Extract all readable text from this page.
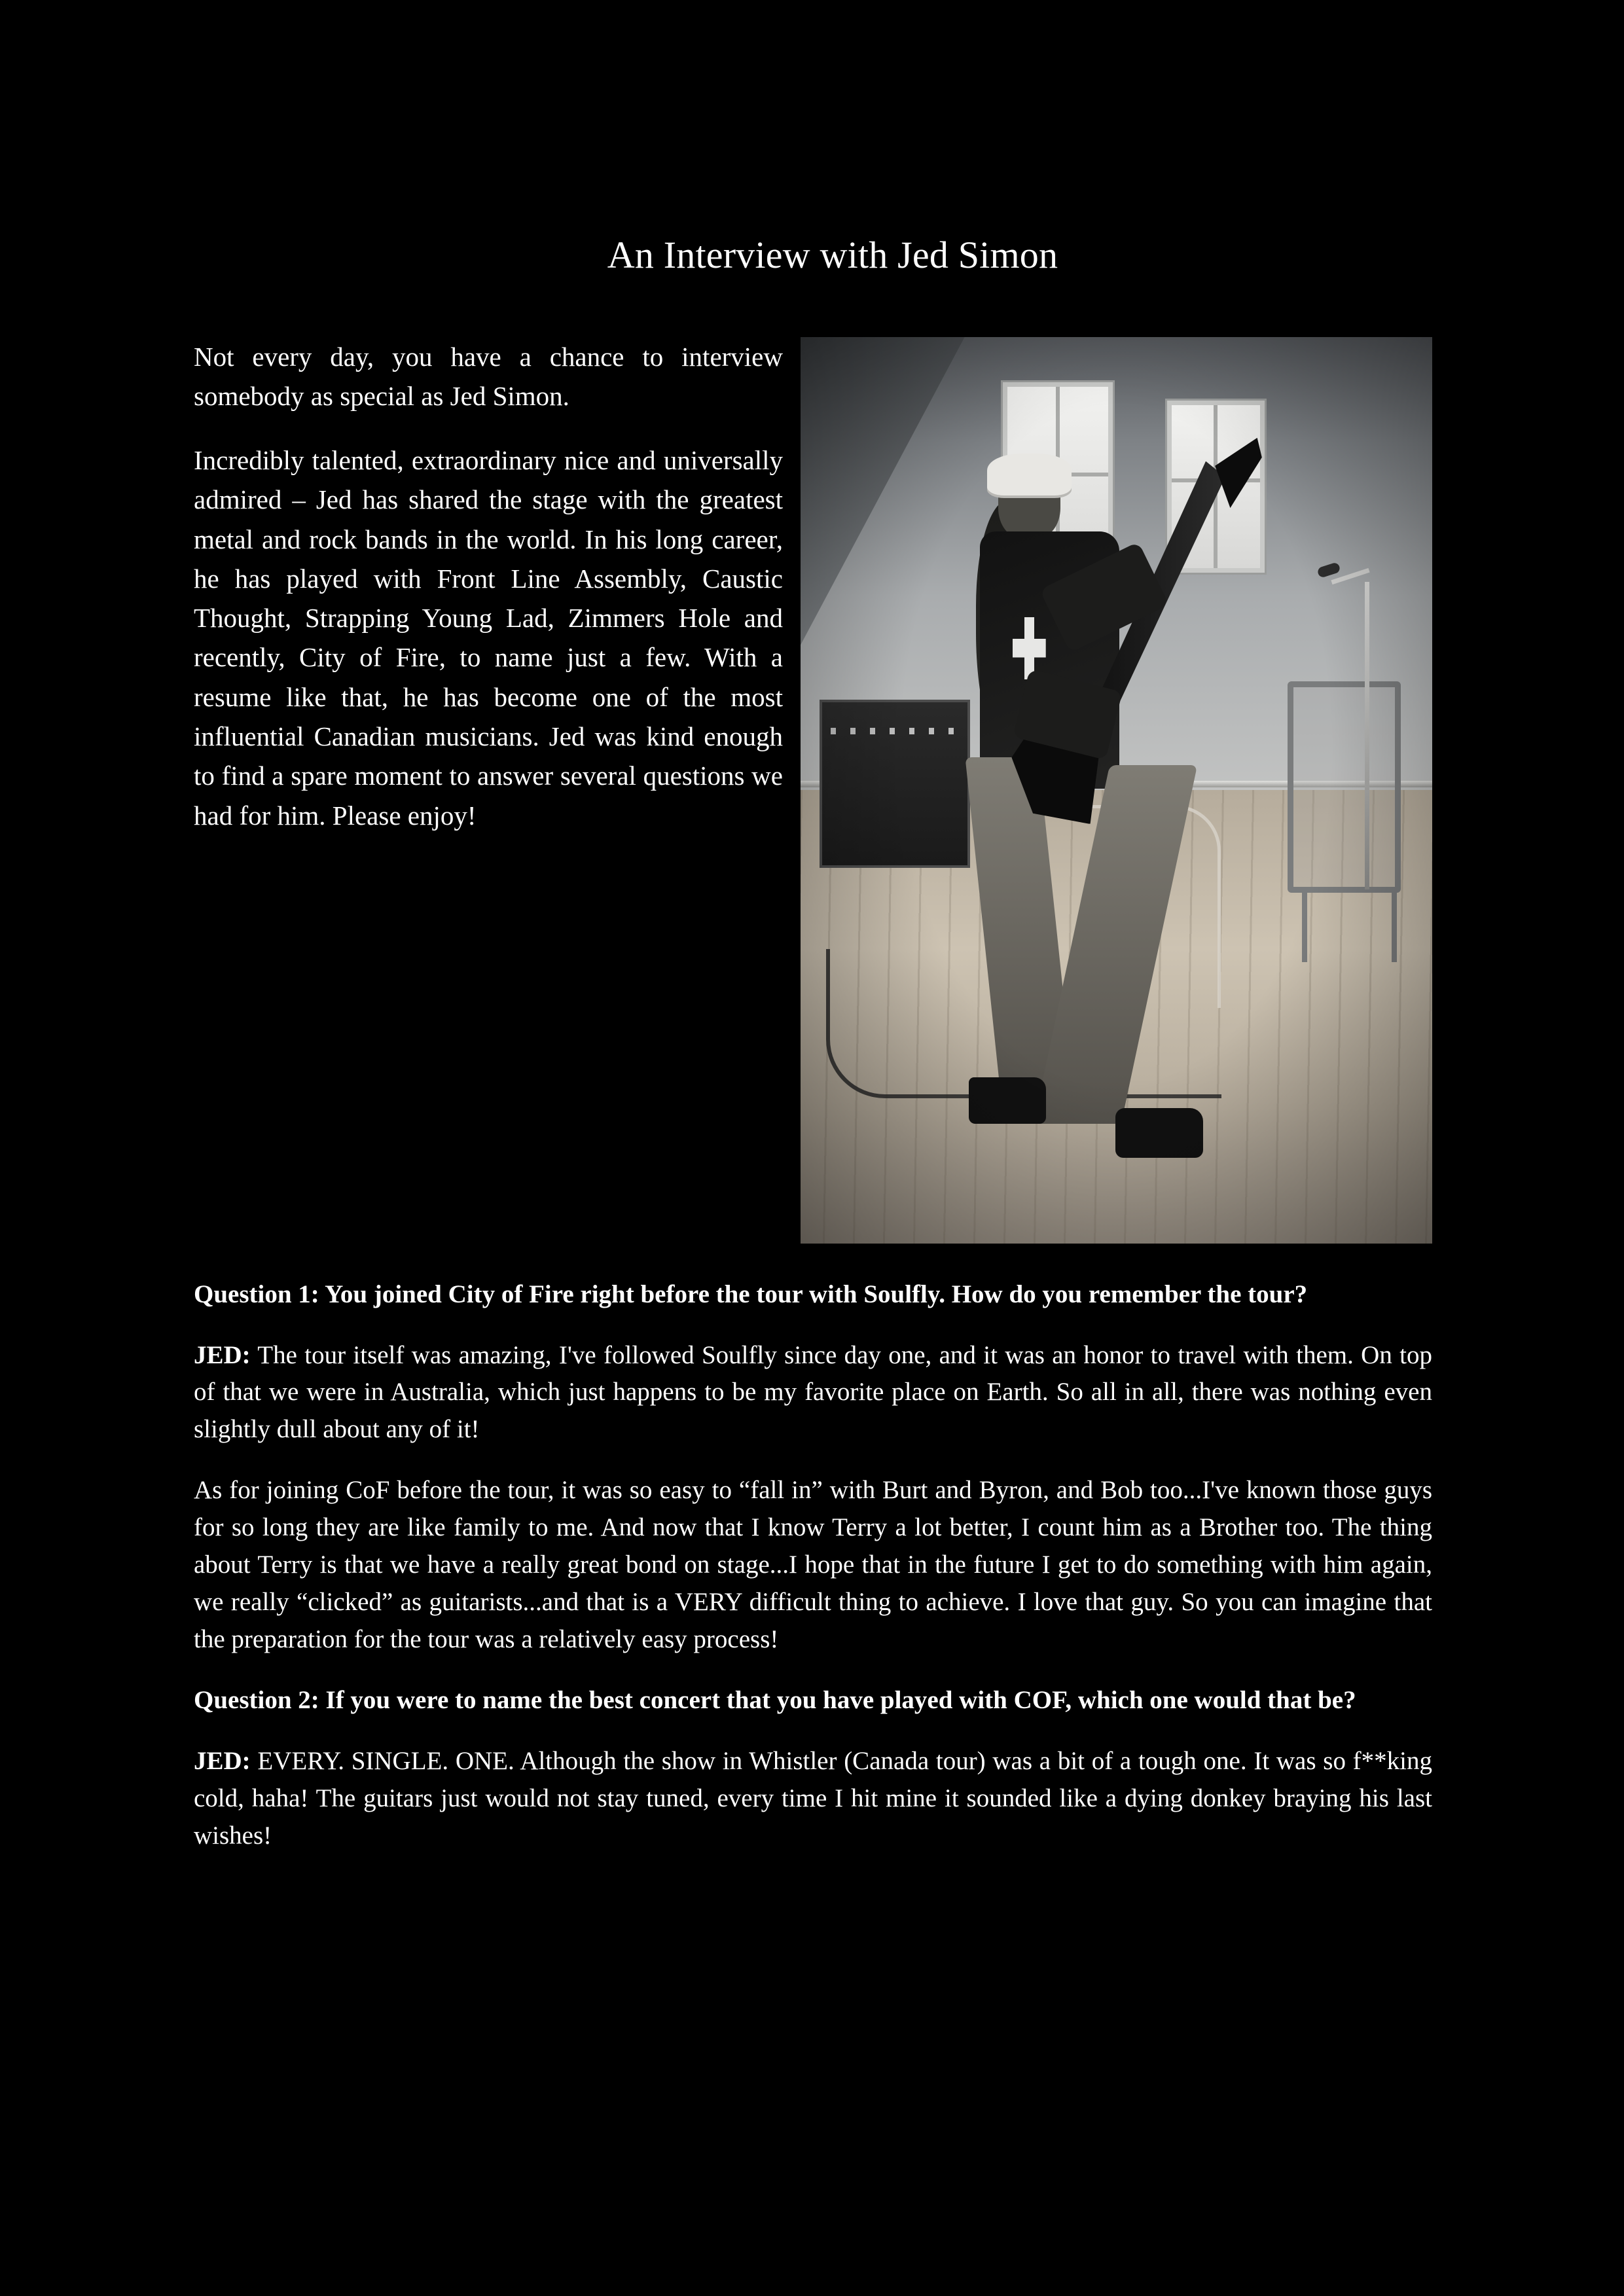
An Interview with Jed Simon

Not every day, you have a chance to interview somebody as special as Jed Simon.

Incredibly talented, extraordinary nice and universally admired – Jed has shared the stage with the greatest metal and rock bands in the world. In his long career, he has played with Front Line Assembly, Caustic Thought, Strapping Young Lad, Zimmers Hole and recently, City of Fire, to name just a few. With a resume like that, he has become one of the most influential Canadian musicians. Jed was kind enough to find a spare moment to answer several questions we had for him. Please enjoy!

Question 1: You joined City of Fire right before the tour with Soulfly. How do you remember the tour?

JED: The tour itself was amazing, I've followed Soulfly since day one, and it was an honor to travel with them. On top of that we were in Australia, which just happens to be my favorite place on Earth. So all in all, there was nothing even slightly dull about any of it!

As for joining CoF before the tour, it was so easy to “fall in” with Burt and Byron, and Bob too...I've known those guys for so long they are like family to me. And now that I know Terry a lot better, I count him as a Brother too. The thing about Terry is that we have a really great bond on stage...I hope that in the future I get to do something with him again, we really “clicked” as guitarists...and that is a VERY difficult thing to achieve. I love that guy. So you can imagine that the preparation for the tour was a relatively easy process!

Question 2: If you were to name the best concert that you have played with COF, which one would that be?

JED: EVERY. SINGLE. ONE. Although the show in Whistler (Canada tour) was a bit of a tough one. It was so f**king cold, haha! The guitars just would not stay tuned, every time I hit mine it sounded like a dying donkey braying his last wishes!
